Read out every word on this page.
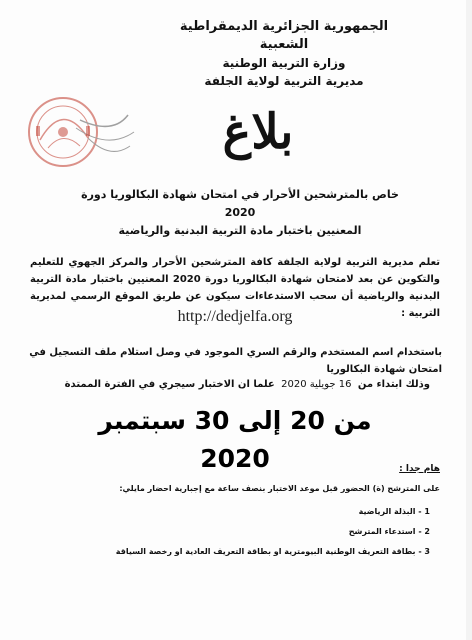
الجمهورية الجزائرية الديمقراطية الشعبية
وزارة التربية الوطنية
مديرية التربية لولاية الجلفة
بلاغ
خاص بالمترشحين الأحرار في امتحان شهادة البكالوريا دورة 2020
المعنيين باختبار مادة التربية البدنية والرياضية
تعلم مديرية التربية لولاية الجلفة كافة المترشحين الأحرار والمركز الجهوي للتعليم والتكوين عن بعد لامتحان شهادة البكالوريا دورة 2020 المعنيين باختبار مادة التربية البدنية والرياضية أن سحب الاستدعاءات سيكون عن طريق الموقع الرسمي لمديرية التربية :
http://dedjelfa.org
باستخدام اسم المستخدم والرقم السري الموجود في وصل استلام ملف التسجيل في امتحان شهادة البكالوريا
وذلك ابتداء من  16 جويلية 2020  علما ان الاختبار سيجري في الفترة الممتدة
من 20 إلى 30 سبتمبر 2020	هام جدا :
على المترشح (ة) الحضور قبل موعد الاختبار بنصف ساعة مع إجبارية احضار مايلي:
1 - البذلة الرياضية
2 - استدعاء المترشح
3 - بطاقة التعريف الوطنية البيومترية او بطاقة التعريف العادية او رخصة السياقة
